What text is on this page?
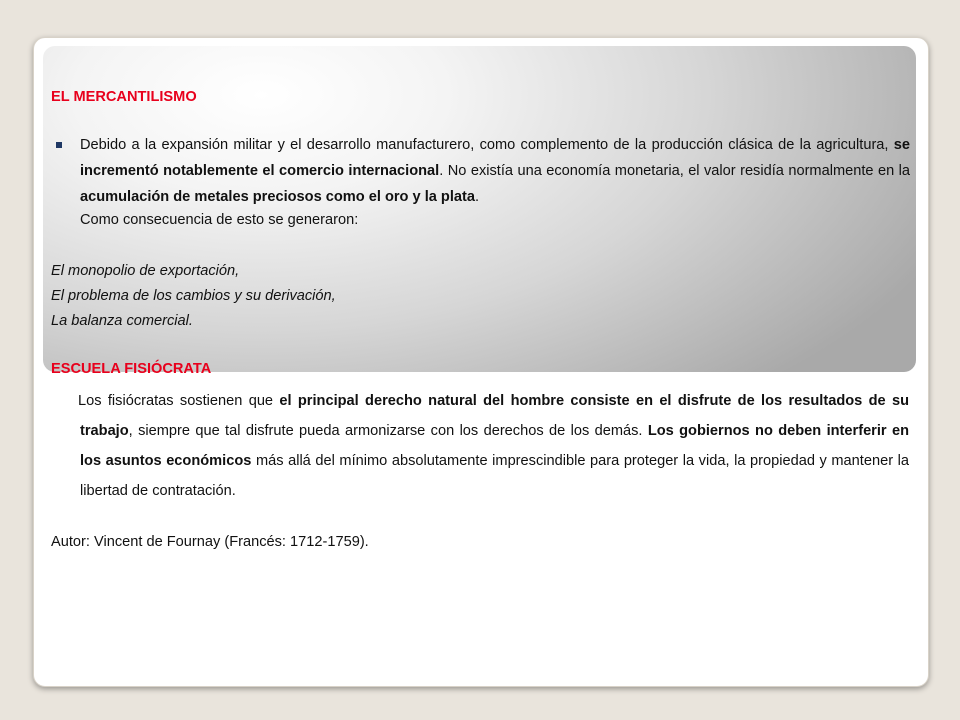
EL MERCANTILISMO
Debido a la expansión militar y el desarrollo manufacturero, como complemento de la producción clásica de la agricultura, se incrementó notablemente el comercio internacional. No existía una economía monetaria, el valor residía normalmente en la acumulación de metales preciosos como el oro y la plata.
Como consecuencia de esto se generaron:
El monopolio de exportación,
El problema de los cambios y su derivación,
La balanza comercial.
ESCUELA FISIÓCRATA
Los fisiócratas sostienen que el principal derecho natural del hombre consiste en el disfrute de los resultados de su trabajo, siempre que tal disfrute pueda armonizarse con los derechos de los demás. Los gobiernos no deben interferir en los asuntos económicos más allá del mínimo absolutamente imprescindible para proteger la vida, la propiedad y mantener la libertad de contratación.
Autor: Vincent de Fournay (Francés: 1712-1759).
